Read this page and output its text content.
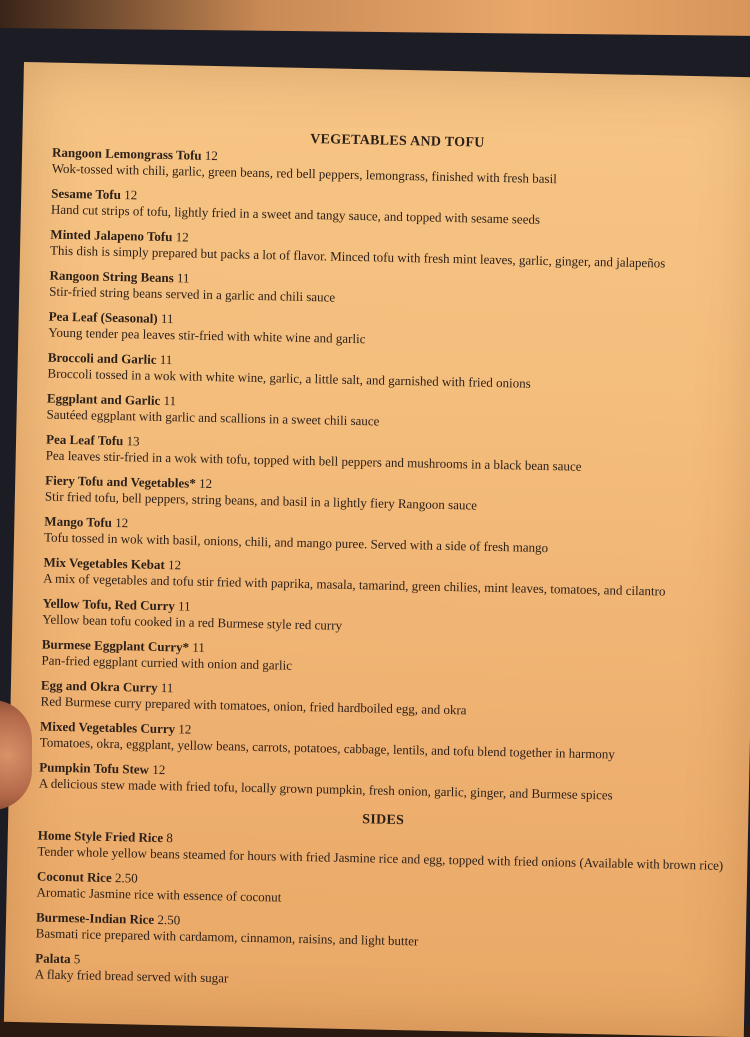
VEGETABLES AND TOFU
Rangoon Lemongrass Tofu 12
Wok-tossed with chili, garlic, green beans, red bell peppers, lemongrass, finished with fresh basil
Sesame Tofu 12
Hand cut strips of tofu, lightly fried in a sweet and tangy sauce, and topped with sesame seeds
Minted Jalapeno Tofu 12
This dish is simply prepared but packs a lot of flavor. Minced tofu with fresh mint leaves, garlic, ginger, and jalapeños
Rangoon String Beans 11
Stir-fried string beans served in a garlic and chili sauce
Pea Leaf (Seasonal) 11
Young tender pea leaves stir-fried with white wine and garlic
Broccoli and Garlic 11
Broccoli tossed in a wok with white wine, garlic, a little salt, and garnished with fried onions
Eggplant and Garlic 11
Sautéed eggplant with garlic and scallions in a sweet chili sauce
Pea Leaf Tofu 13
Pea leaves stir-fried in a wok with tofu, topped with bell peppers and mushrooms in a black bean sauce
Fiery Tofu and Vegetables* 12
Stir fried tofu, bell peppers, string beans, and basil in a lightly fiery Rangoon sauce
Mango Tofu 12
Tofu tossed in wok with basil, onions, chili, and mango puree. Served with a side of fresh mango
Mix Vegetables Kebat 12
A mix of vegetables and tofu stir fried with paprika, masala, tamarind, green chilies, mint leaves, tomatoes, and cilantro
Yellow Tofu, Red Curry 11
Yellow bean tofu cooked in a red Burmese style red curry
Burmese Eggplant Curry* 11
Pan-fried eggplant curried with onion and garlic
Egg and Okra Curry 11
Red Burmese curry prepared with tomatoes, onion, fried hardboiled egg, and okra
Mixed Vegetables Curry 12
Tomatoes, okra, eggplant, yellow beans, carrots, potatoes, cabbage, lentils, and tofu blend together in harmony
Pumpkin Tofu Stew 12
A delicious stew made with fried tofu, locally grown pumpkin, fresh onion, garlic, ginger, and Burmese spices
SIDES
Home Style Fried Rice 8
Tender whole yellow beans steamed for hours with fried Jasmine rice and egg, topped with fried onions (Available with brown rice)
Coconut Rice 2.50
Aromatic Jasmine rice with essence of coconut
Burmese-Indian Rice 2.50
Basmati rice prepared with cardamom, cinnamon, raisins, and light butter
Palata 5
A flaky fried bread served with sugar
